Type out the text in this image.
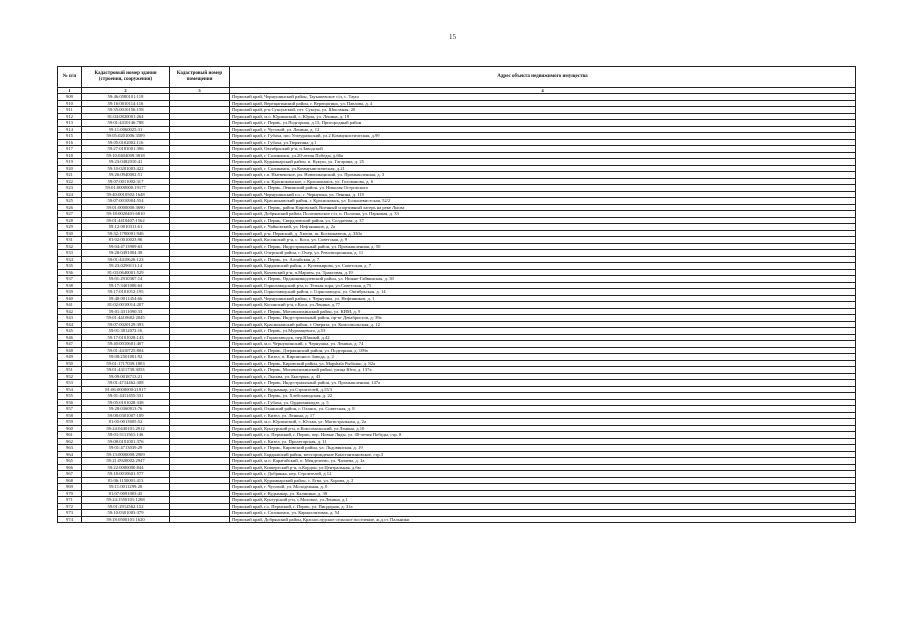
15
№ п/п	Кадастровый номер здания (строения, сооружения)	Кадастровый номер помещения	Адрес объекта недвижимого имущества
1	2	3	4
909	59:46:0580101:118		Пермский край, Чернушинский район, Тауышевское с/п, с. Тауш
910	59:16:0010114:116		Пермский край, Верещагинский район, г. Верещагино, ул. Павлова, д. 4
911	59:35:0010156:158		Пермский край, р-н Суксунский, пгт. Суксун, ул. Школьная, 20
912	81:04:0820001:264		Пермский край, м.о. Юрлинский, с. Юрла, ул. Ленина, д. 18
913	59:01:4410146:788		Пермский край, г. Пермь, ул.Подгорная, д.15, Пригородный район
914	59:11:0060025:31		Пермский край, г. Чусовой, ул. Ленина, д. 12
915	59:05:0201006:3509		Пермский край, г. Губаха, пос.Углеуральский, ул.2 Коммунистическая, д.99
916	59:05:0102002:116		Пермский край, г. Губаха, ул.Тюрятина, д.1
917	59:27:0181001:396		Пермский край, Октябрьский р-н, п.Заводской
918	59:10:0404009:3818		Пермский край, г. Соликамск, ул.20-летия Победы, д.66а
919	59:23:0482010:41		Пермский край, Кудымкарский район, п. Кукуш, ул. Гагарина, д. 25
920	59:10:0201003:422		Пермский край, г. Соликамск, ул.Коммунистическая, д.21
921	59:26:0940002:51		Пермский край, г.п. Нытвенское, рп. Новоильинский, ул. Промышленная, д. 3
922	59:07:0011002:317		Пермский край, г.п. Краснокамское, г. Краснокамск, ул. Голованова, д. 6
923	59:01:0000000:19177		Пермский край, г. Пермь, Ленинский район, ул. Николая Островского
924	59:40:0010502:1648		Пермский край, Чернушинский г.о., г. Чернушка, ул. Ленина, д. 119
925	59:07:0010904:554		Пермский край, Краснокамский район, г. Краснокамск, ул. Большевистская, 52/2
926	59:01:0000000:3690		Пермский край, г. Пермь, район Кировский, Военный спортивный лагерь на реке Лысва
927	59:18:0020401:6810		Пермский край, Добрянский район, Полазненское г/п, п. Полазна, ул. Парковая, д. 33
928	59:01:4410407:1562		Пермский край, г. Пермь, Свердловский район, ул. Солдатова, д. 37
929	59:12:0010311:61		Пермский край, г. Чайковский, ул. Нефтяников, д. 2а
930	59:32:1790001:946		Пермский край, р-н. Пермский, д. Хмели, ш. Космонавтов, д. 330а
931	81:02:0010023:96		Пермский край, Косинский р-н, с. Коса, ул. Советская, д. 9
932	59:04:4713909:63		Пермский край, г. Пермь, Индустриальный район, ул. Промышленная, д. 50
933	59:28:0491004:38		Пермский край, Очерский район, г. Очер, ул. Революционная, д. 11
934	59:01:4410626:123		Пермский край, г. Пермь, ул. Алтайская, д. 7
935	59:23:0290111:14		Пермский край, Бардымский район, с. Куземьярово, ул. Советская, д. 7
936	81:03:0640001:529		Пермский край, Кочевский р-н, п.Мараты, ул. Трактовая, д.19
937	59:01:2910367:14		Пермский край, г. Пермь, Орджоникидзевский район, ул. Нижне-Гайвинская, д. 30
938	59:17:3401006:64		Пермский край, Горнозаводский р-н, п. Теплая гора, ул.Советская, д.75
939	59:17:0101012:195		Пермский край, Горнозаводский район, г. Горнозаводск, ул. Октябрьская, д. 14
940	59:40:0011454:66		Пермский край, Чернушинский район, г. Чернушка, ул. Нефтяников, д. 1
941	81:02:0010014:207		Пермский край, Косинский р-н, г.Коса, ул.Ленина, д.77
942	59:01:4311090:33		Пермский край, г. Пермь, Мотовилихинский район, ул. КИМ, д. 9
943	59:01:4410682:2045		Пермский край, г. Пермь, Индустриальный район, пр-кт Декабристов, д. 39а
944	59:07:0020129:393		Пермский край, Краснокамский район, г. Оверята, ул. Комсомольская, д. 12
945	59:01:3812072:16		Пермский край, г. Пермь, ул.Муромцевого, д.53
946	59:17:0101028:143		Пермский край, г.Горнозаводск, пер.Южный, д.42
947	59:40:0010601:407		Пермский край, м.о. Чернушинский, г. Чернушка, ул. Ленина, д. 74
948	59:01:4410725:804		Пермский край, г. Пермь, Дзержинский район, ул. Подгорная, д. 109а
949	59:08:2501001:92		Пермский край, г. Кизел, п. Кирпичного Завода, д. 2
950	59:01:1717039:1803		Пермский край, г. Пермь, Кировский район, ул. Марshala Рыбалко, д. 82а
951	59:01:4311739:3053		Пермский край, г. Пермь, Мотовилихинский район, улица Юпа, д. 137а
952	59:09:0018713:21		Пермский край, г. Лысьва, ул. Быстрых, д. 43
953	59:01:4714462:308		Пермский край, г. Пермь, Индустриальный район, ул. Промышленная, 147а
954	81:06:0000000:21917		Пермский край, г. Кудымкар, ул.Строителей, д.15/3
955	59:01:4411455:331		Пермский край, г. Пермь, ул. Хлебозаводская, д. 22
956	59:05:0101028:338		Пермский край, г. Губаха, ул. Орджоникидзе, д. 5
957	59:28:0360813:76		Пермский край, Оханский район, г. Оханск, ул. Советская, д. 8
958	59:08:0301007:109		Пермский край, г. Кизел, ул. Ленина, д. 17
959	81:05:0013005:52		Пермский край, м.о. Юрлинский, с. Юсьва, ул. Магистральная, д. 2а
960	59:24:0440101:2912		Пермский край, Кунгурский р-н, п.Комсомольский, ул.Ленина, д.10
961	59:01:5111561:146		Пермский край, г.о. Пермский, г. Пермь, пер. Новые Ляды, ул. 40-летия Победы, стр. 8
962	59:08:0101001:376		Пермский край, г. Кизел, ул. Пролетарская, д. 11
963	59:01:4713039:29		Пермский край, г. Пермь, Кировский район, ул. Льдовинская, д. 19
964	59:13:0000000:2909		Пермский край, Бардымский район, месторождение Константиновское, стр.3
965	59:21:0920002:2947		Пермский край, м.о. Карагайский, п. Менделеево, ул. Чапаева, д. 1а
966	59:22:0000000:844		Пермский край, Кишертский р-н, п.Кордон, ул.Центральная, д.6м
967	59:18:0010601:577		Пермский край, г. Добрянка, пер. Строителей, д.12
968	81:06:1150001:413		Пермский край, Кудымкарский район, с. Егва, ул. Хорова, д. 2
969	59:11:0011299:28		Пермский край, г. Чусовой, ул. Молодежная, д. 0
970	81:07:0091003:45		Пермский край, г. Кудымкар, ул. Калинина, д. 38
971	59:24:1550101:1208		Пермский край, Кунгурский р-н, с.Моховое, ул.Ленина, д.1
972	59:01:2912562:152		Пермский край, г.о. Пермский, г. Пермь, ул. Пицдорож, д. 31а
973	59:10:0301003:379		Пермский край, г. Соликамск, ул. Карналлитовая, д. 54
974	59:18:0500101:1620		Пермский край, Добрянский район, Краснослудское сельское поселение, ж.д.ст. Пальники
